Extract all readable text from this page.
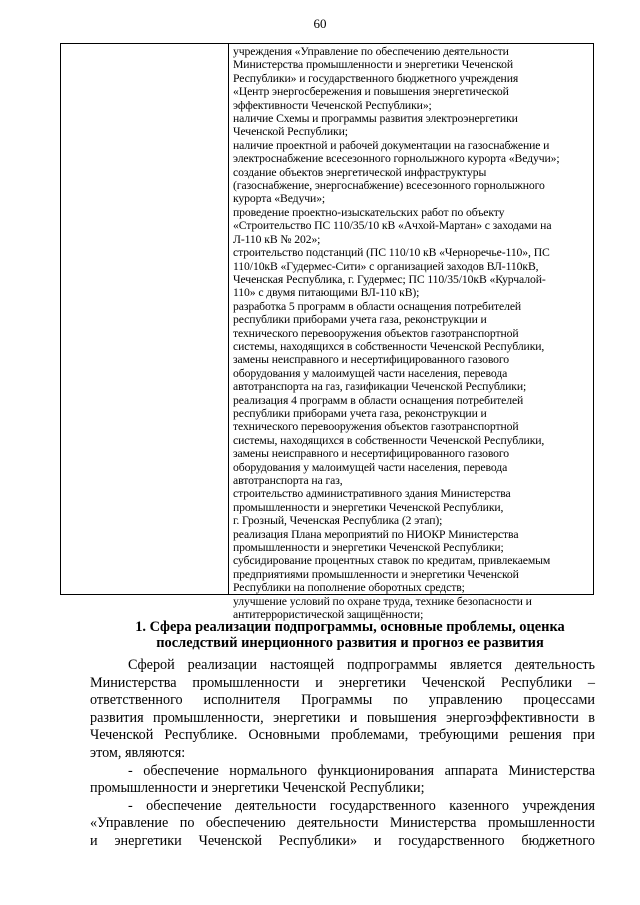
60
учреждения «Управление по обеспечению деятельности
Министерства промышленности и энергетики Чеченской
Республики» и государственного бюджетного учреждения
«Центр энергосбережения и повышения энергетической
эффективности Чеченской Республики»;
наличие Схемы и программы развития электроэнергетики
Чеченской Республики;
наличие проектной и рабочей документации на газоснабжение и
электроснабжение всесезонного горнолыжного курорта «Ведучи»;
создание объектов энергетической инфраструктуры
(газоснабжение, энергоснабжение) всесезонного горнолыжного
курорта «Ведучи»;
проведение проектно-изыскательских работ по объекту
«Строительство ПС 110/35/10 кВ «Ачхой-Мартан» с заходами на
Л-110 кВ № 202»;
строительство подстанций (ПС 110/10 кВ «Черноречье-110», ПС
110/10кВ «Гудермес-Сити» с организацией заходов ВЛ-110кВ,
Чеченская Республика, г. Гудермес; ПС 110/35/10кВ «Курчалой-
110» с двумя питающими ВЛ-110 кВ);
разработка 5 программ в области оснащения потребителей
республики приборами учета газа, реконструкции и
технического перевооружения объектов газотранспортной
системы, находящихся в собственности Чеченской Республики,
замены неисправного и несертифицированного газового
оборудования у малоимущей части населения, перевода
автотранспорта на газ, газификации Чеченской Республики;
реализация 4 программ в области оснащения потребителей
республики приборами учета газа, реконструкции и
технического перевооружения объектов газотранспортной
системы, находящихся в собственности Чеченской Республики,
замены неисправного и несертифицированного газового
оборудования у малоимущей части населения, перевода
автотранспорта на газ,
строительство административного здания Министерства
промышленности и энергетики Чеченской Республики,
г. Грозный, Чеченская Республика (2 этап);
реализация Плана мероприятий по НИОКР Министерства
промышленности и энергетики Чеченской Республики;
субсидирование процентных ставок по кредитам, привлекаемым
предприятиями промышленности и энергетики Чеченской
Республики на пополнение оборотных средств;
улучшение условий по охране труда, технике безопасности и
антитеррористической защищённости;
1. Сфера реализации подпрограммы, основные проблемы, оценка
последствий инерционного развития и прогноз ее развития
Сферой реализации настоящей подпрограммы является деятельность
Министерства промышленности и энергетики Чеченской Республики –
ответственного исполнителя Программы по управлению процессами
развития промышленности, энергетики и повышения энергоэффективности в
Чеченской Республике. Основными проблемами, требующими решения при
этом, являются:
- обеспечение нормального функционирования аппарата Министерства
промышленности и энергетики Чеченской Республики;
- обеспечение деятельности государственного казенного учреждения
«Управление по обеспечению деятельности Министерства промышленности
и энергетики Чеченской Республики» и государственного бюджетного
